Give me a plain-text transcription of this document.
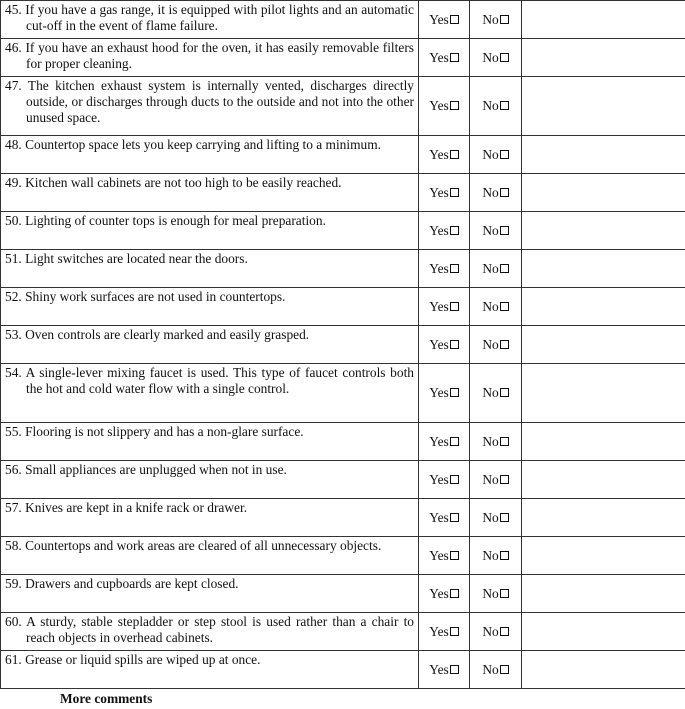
45. If you have a gas range, it is equipped with pilot lights and an automatic cut-off in the event of flame failure.	Yes	No	

46. If you have an exhaust hood for the oven, it has easily removable filters for proper cleaning.	Yes	No	

47. The kitchen exhaust system is internally vented, discharges directly outside, or discharges through ducts to the outside and not into the other unused space.	Yes	No	

48. Countertop space lets you keep carrying and lifting to a minimum.	Yes	No	

49. Kitchen wall cabinets are not too high to be easily reached.	Yes	No	

50. Lighting of counter tops is enough for meal preparation.	Yes	No	

51. Light switches are located near the doors.	Yes	No	

52. Shiny work surfaces are not used in countertops.	Yes	No	

53. Oven controls are clearly marked and easily grasped.	Yes	No	

54. A single-lever mixing faucet is used. This type of faucet controls both the hot and cold water flow with a single control.	Yes	No	

55. Flooring is not slippery and has a non-glare surface.	Yes	No	

56. Small appliances are unplugged when not in use.	Yes	No	

57. Knives are kept in a knife rack or drawer.	Yes	No	

58. Countertops and work areas are cleared of all unnecessary objects.	Yes	No	

59. Drawers and cupboards are kept closed.	Yes	No	

60. A sturdy, stable stepladder or step stool is used rather than a chair to reach objects in overhead cabinets.	Yes	No	

61. Grease or liquid spills are wiped up at once.	Yes	No	
More comments
